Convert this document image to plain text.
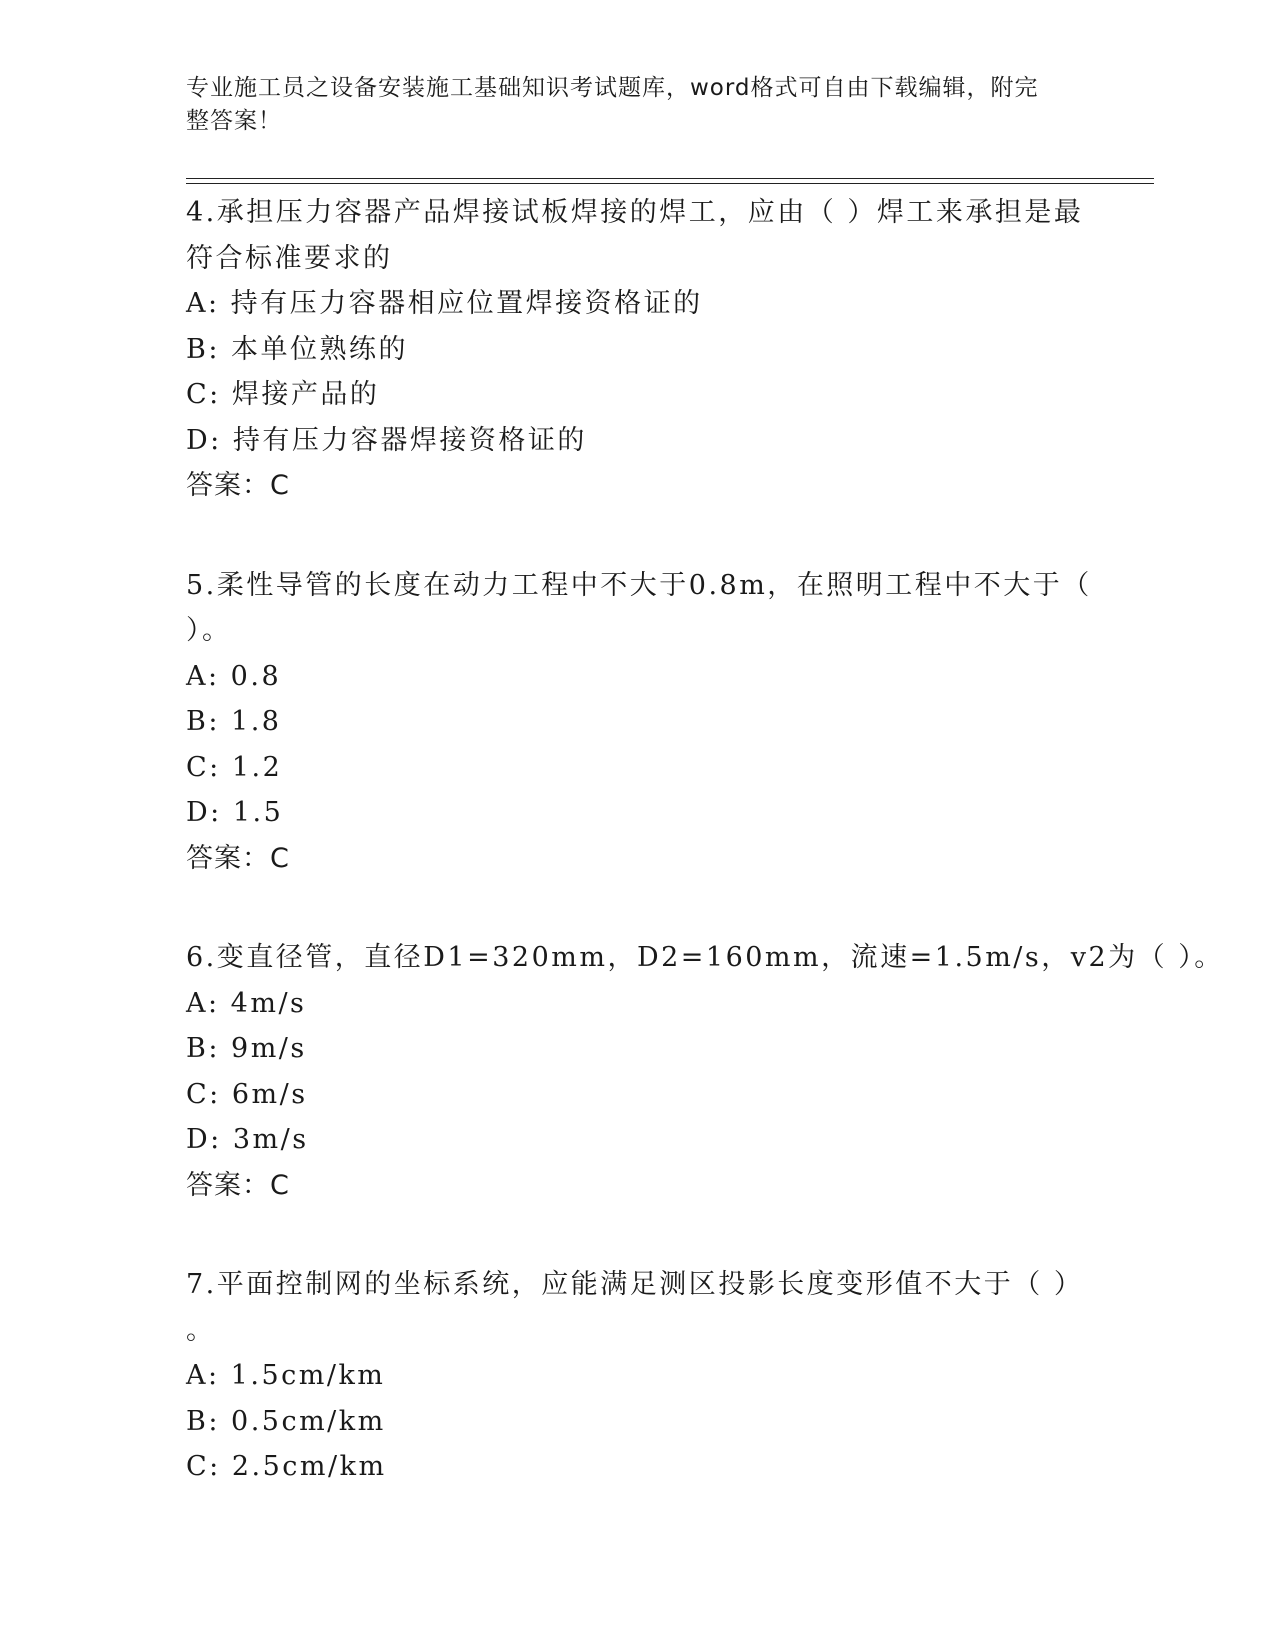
专业施工员之设备安装施工基础知识考试题库，word格式可自由下载编辑，附完
整答案！
4.承担压力容器产品焊接试板焊接的焊工，应由（ ）焊工来承担是最
符合标准要求的
A: 持有压力容器相应位置焊接资格证的
B: 本单位熟练的
C: 焊接产品的
D: 持有压力容器焊接资格证的
答案：C
5.柔性导管的长度在动力工程中不大于0.8m，在照明工程中不大于（
）。
A: 0.8
B: 1.8
C: 1.2
D: 1.5
答案：C
6.变直径管，直径D1=320mm，D2=160mm，流速=1.5m/s，v2为（ ）。
A: 4m/s
B: 9m/s
C: 6m/s
D: 3m/s
答案：C
7.平面控制网的坐标系统，应能满足测区投影长度变形值不大于（ ）
。
A: 1.5cm/km
B: 0.5cm/km
C: 2.5cm/km
